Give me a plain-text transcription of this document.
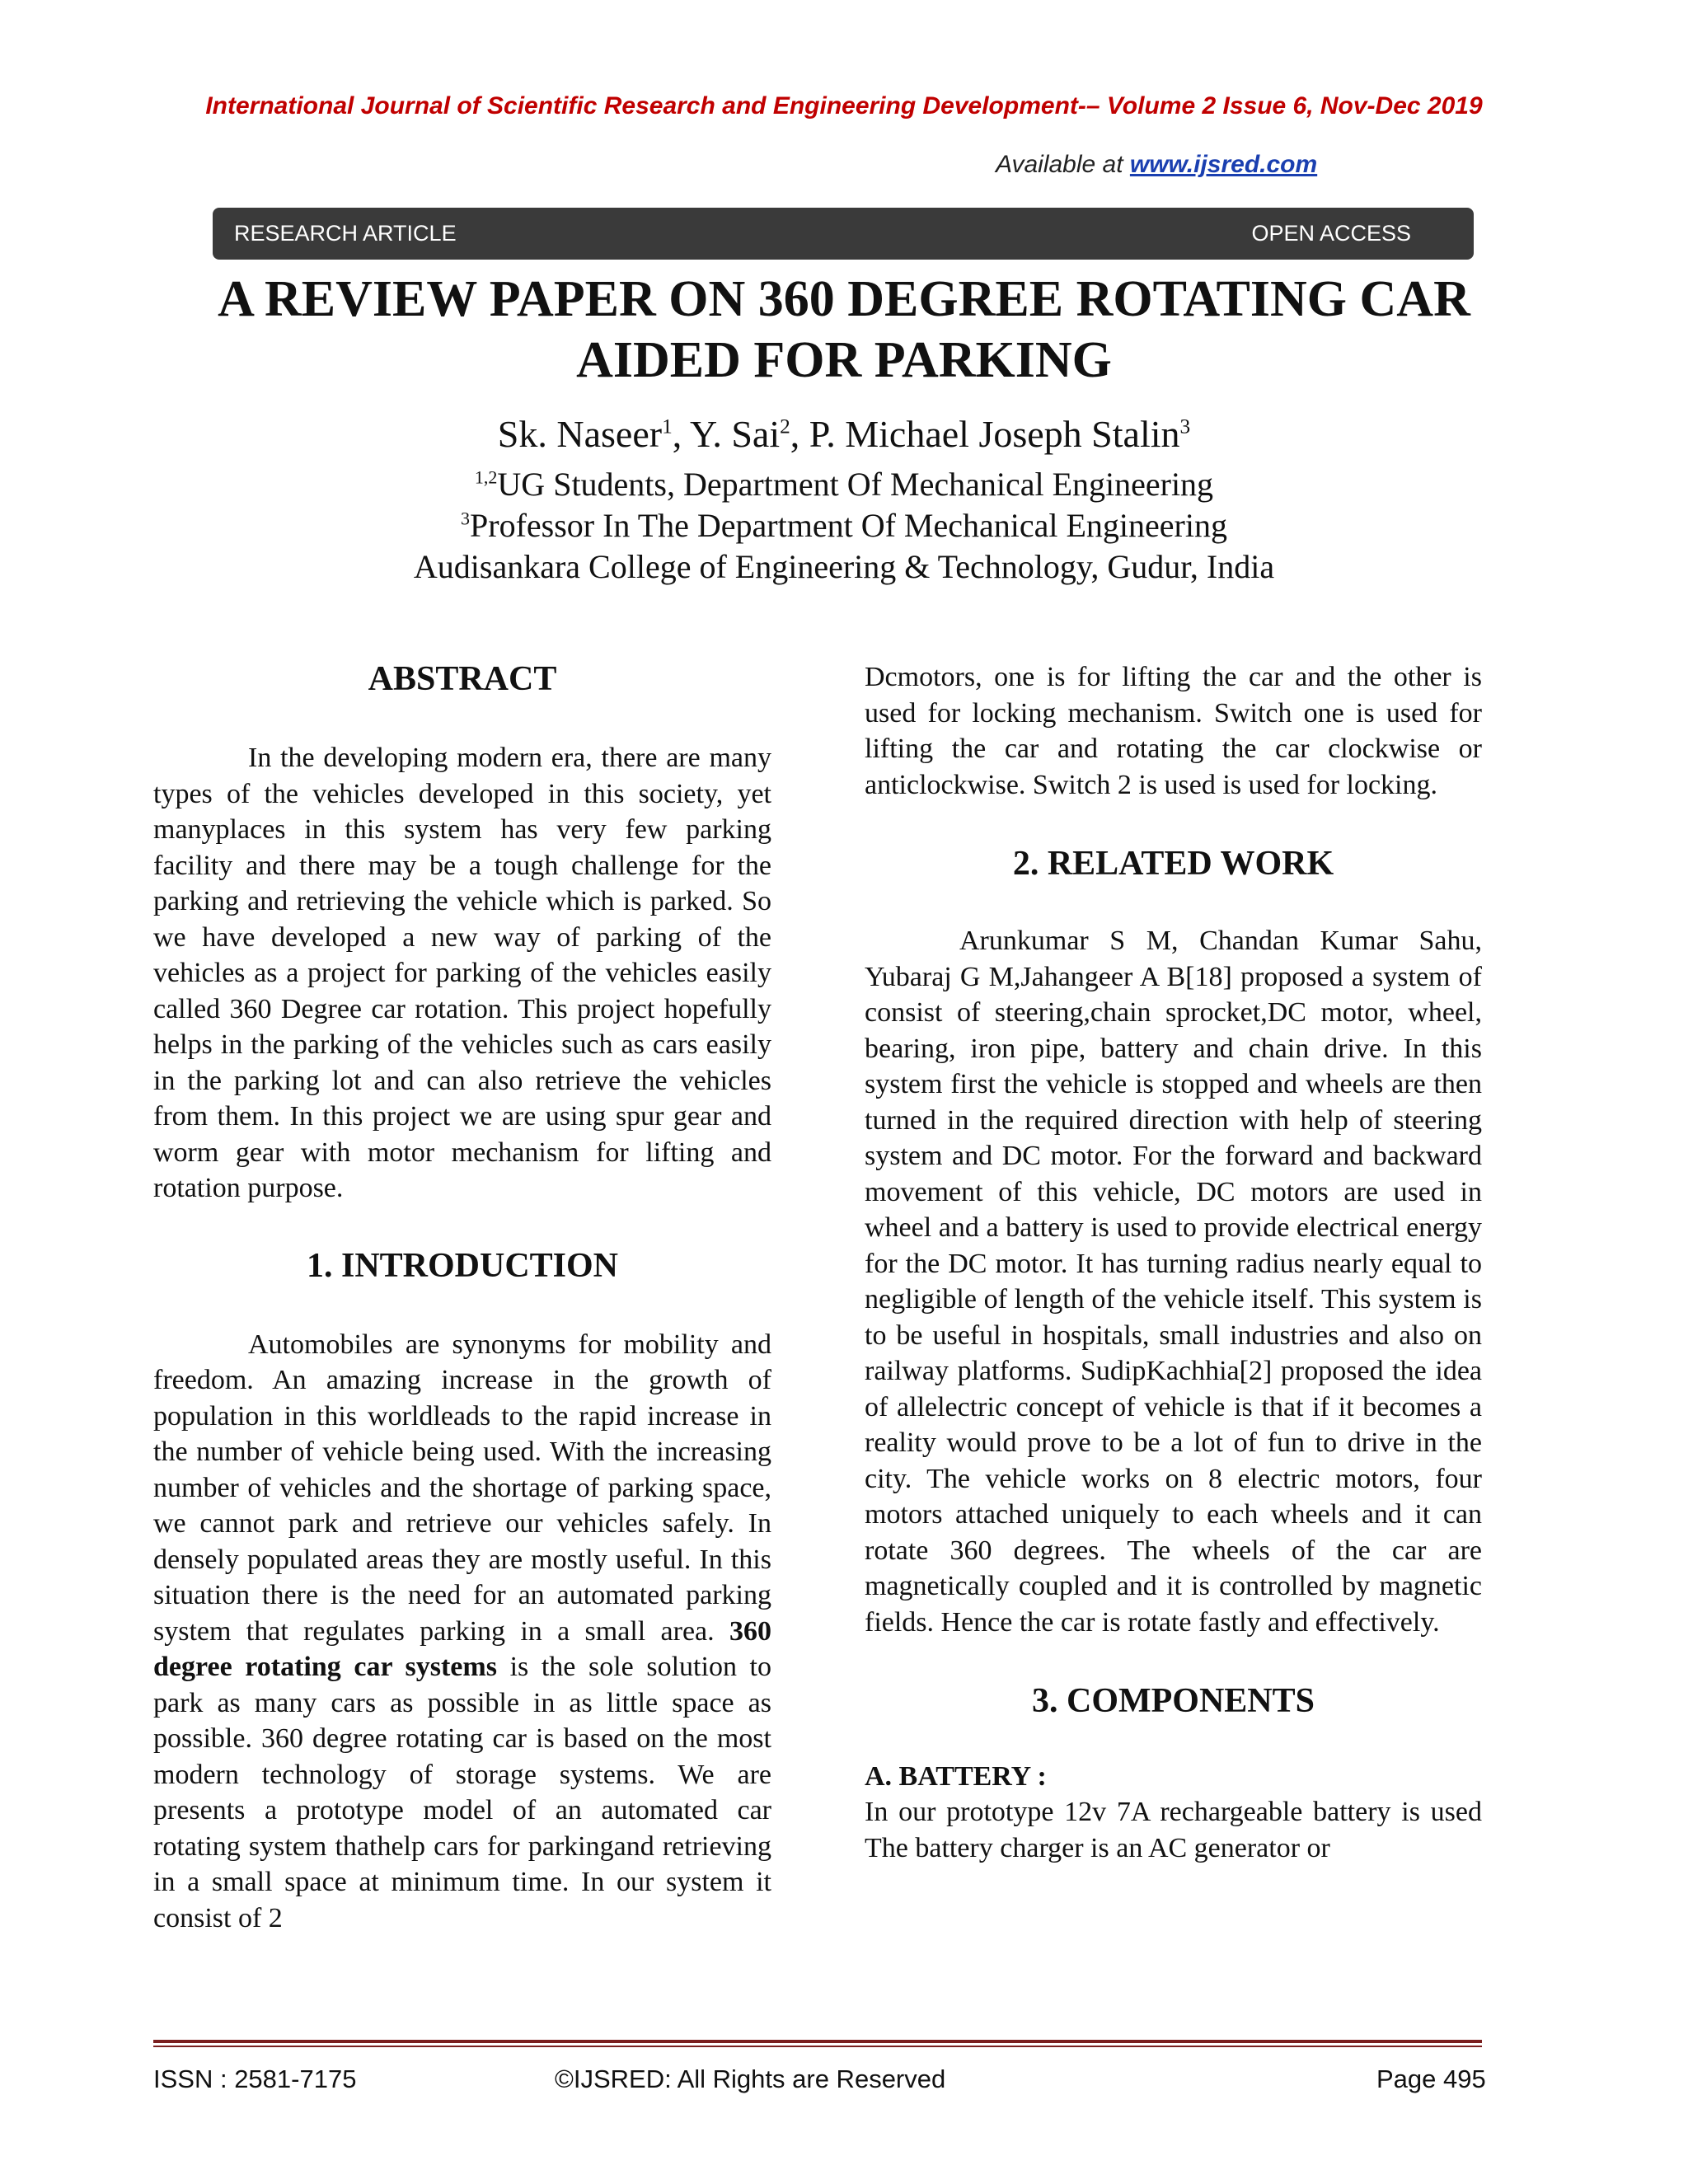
International Journal of Scientific Research and Engineering Development-– Volume 2 Issue 6, Nov-Dec 2019

Available at www.ijsred.com

RESEARCH ARTICLE	OPEN ACCESS
A REVIEW PAPER ON 360 DEGREE ROTATING CAR
AIDED FOR PARKING

Sk. Naseer$^1$, Y. Sai$^2$, P. Michael Joseph Stalin$^3$

$^{1,2}$UG Students, Department Of Mechanical Engineering

$^3$Professor In The Department Of Mechanical Engineering

Audisankara College of Engineering & Technology, Gudur, India

ABSTRACT

In the developing modern era, there are many types of the vehicles developed in this society, yet manyplaces in this system has very few parking facility and there may be a tough challenge for the parking and retrieving the vehicle which is parked. So we have developed a new way of parking of the vehicles as a project for parking of the vehicles easily called 360 Degree car rotation. This project hopefully helps in the parking of the vehicles such as cars easily in the parking lot and can also retrieve the vehicles from them. In this project we are using spur gear and worm gear with motor mechanism for lifting and rotation purpose.

1. INTRODUCTION

Automobiles are synonyms for mobility and freedom. An amazing increase in the growth of population in this worldleads to the rapid increase in the number of vehicle being used. With the increasing number of vehicles and the shortage of parking space, we cannot park and retrieve our vehicles safely. In densely populated areas they are mostly useful. In this situation there is the need for an automated parking system that regulates parking in a small area. 360 degree rotating car systems is the sole solution to park as many cars as possible in as little space as possible. 360 degree rotating car is based on the most modern technology of storage systems. We are presents a prototype model of an automated car rotating system thathelp cars for parkingand retrieving in a small space at minimum time. In our system it consist of 2

Dcmotors, one is for lifting the car and the other is used for locking mechanism. Switch one is used for lifting the car and rotating the car clockwise or anticlockwise. Switch 2 is used is used for locking.

2. RELATED WORK

Arunkumar S M, Chandan Kumar Sahu, Yubaraj G M,Jahangeer A B[18] proposed a system of consist of steering,chain sprocket,DC motor, wheel, bearing, iron pipe, battery and chain drive. In this system first the vehicle is stopped and wheels are then turned in the required direction with help of steering system and DC motor. For the forward and backward movement of this vehicle, DC motors are used in wheel and a battery is used to provide electrical energy for the DC motor. It has turning radius nearly equal to negligible of length of the vehicle itself. This system is to be useful in hospitals, small industries and also on railway platforms. SudipKachhia[2] proposed the idea of allelectric concept of vehicle is that if it becomes a reality would prove to be a lot of fun to drive in the city. The vehicle works on 8 electric motors, four motors attached uniquely to each wheels and it can rotate 360 degrees. The wheels of the car are magnetically coupled and it is controlled by magnetic fields. Hence the car is rotate fastly and effectively.

3. COMPONENTS
A. BATTERY :

In our prototype 12v 7A rechargeable battery is used The battery charger is an AC generator or

ISSN : 2581-7175	©IJSRED: All Rights are Reserved	Page 495
